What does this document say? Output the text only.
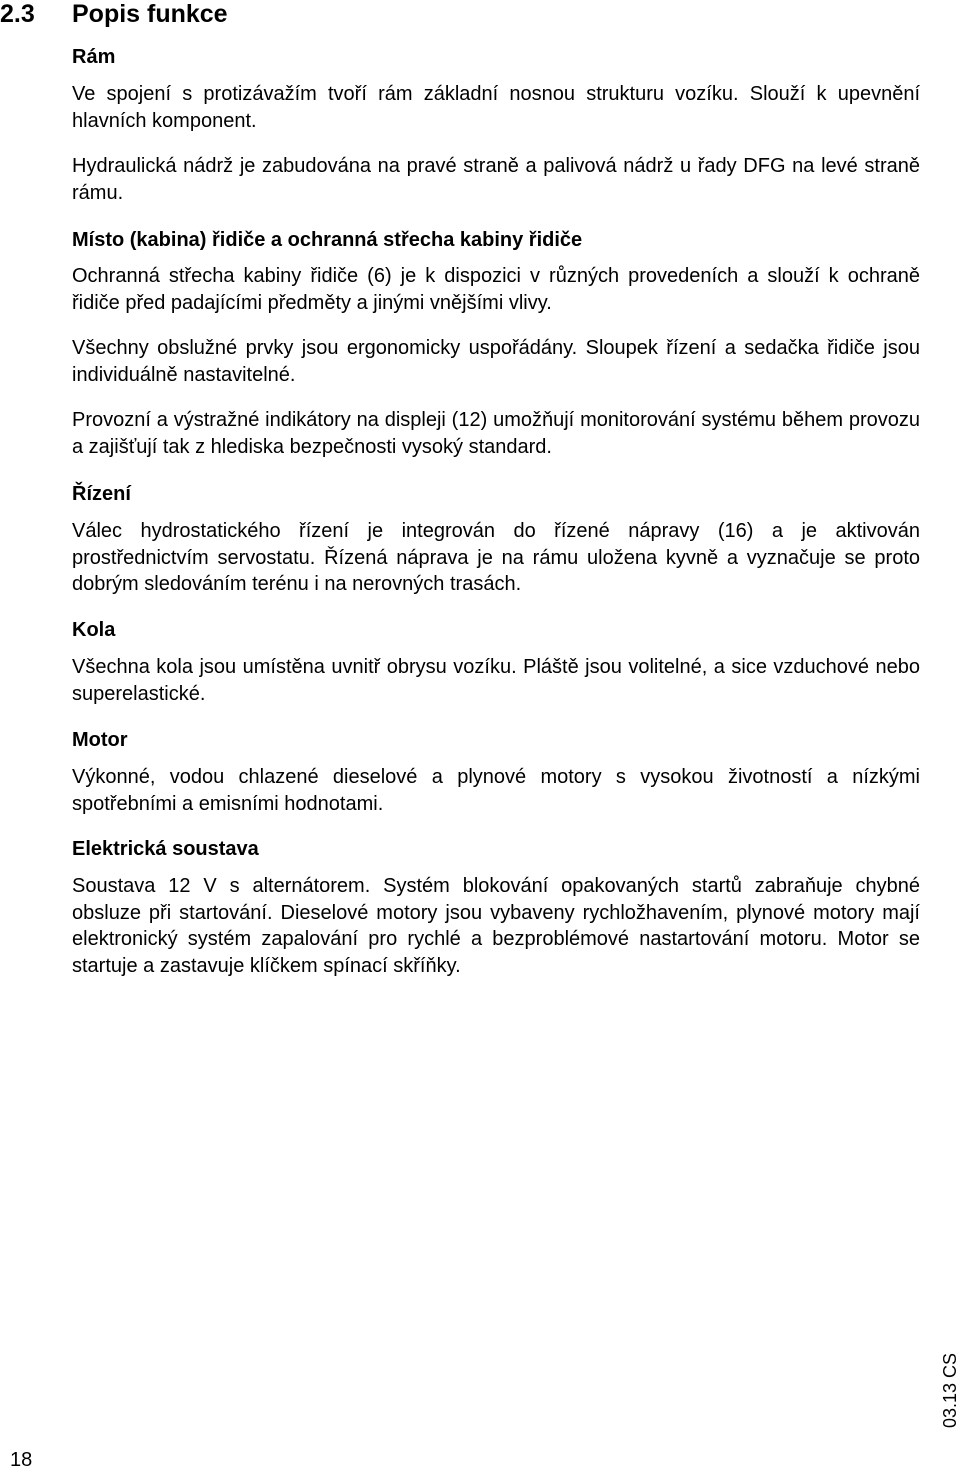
2.3 Popis funkce

Rám

Ve spojení s protizávažím tvoří rám základní nosnou strukturu vozíku. Slouží k upevnění hlavních komponent.

Hydraulická nádrž je zabudována na pravé straně a palivová nádrž u řady DFG na levé straně rámu.

Místo (kabina) řidiče a ochranná střecha kabiny řidiče

Ochranná střecha kabiny řidiče (6) je k dispozici v různých provedeních a slouží k ochraně řidiče před padajícími předměty a jinými vnějšími vlivy.

Všechny obslužné prvky jsou ergonomicky uspořádány. Sloupek řízení a sedačka řidiče jsou individuálně nastavitelné.

Provozní a výstražné indikátory na displeji (12) umožňují monitorování systému během provozu a zajišťují tak z hlediska bezpečnosti vysoký standard.

Řízení

Válec hydrostatického řízení je integrován do řízené nápravy (16) a je aktivován prostřednictvím servostatu. Řízená náprava je na rámu uložena kyvně a vyznačuje se proto dobrým sledováním terénu i na nerovných trasách.

Kola

Všechna kola jsou umístěna uvnitř obrysu vozíku. Pláště jsou volitelné, a sice vzduchové nebo superelastické.

Motor

Výkonné, vodou chlazené dieselové a plynové motory s vysokou životností a nízkými spotřebními a emisními hodnotami.

Elektrická soustava

Soustava 12 V s alternátorem. Systém blokování opakovaných startů zabraňuje chybné obsluze při startování. Dieselové motory jsou vybaveny rychložhavením, plynové motory mají elektronický systém zapalování pro rychlé a bezproblémové nastartování motoru. Motor se startuje a zastavuje klíčkem spínací skříňky.

18
03.13 CS
